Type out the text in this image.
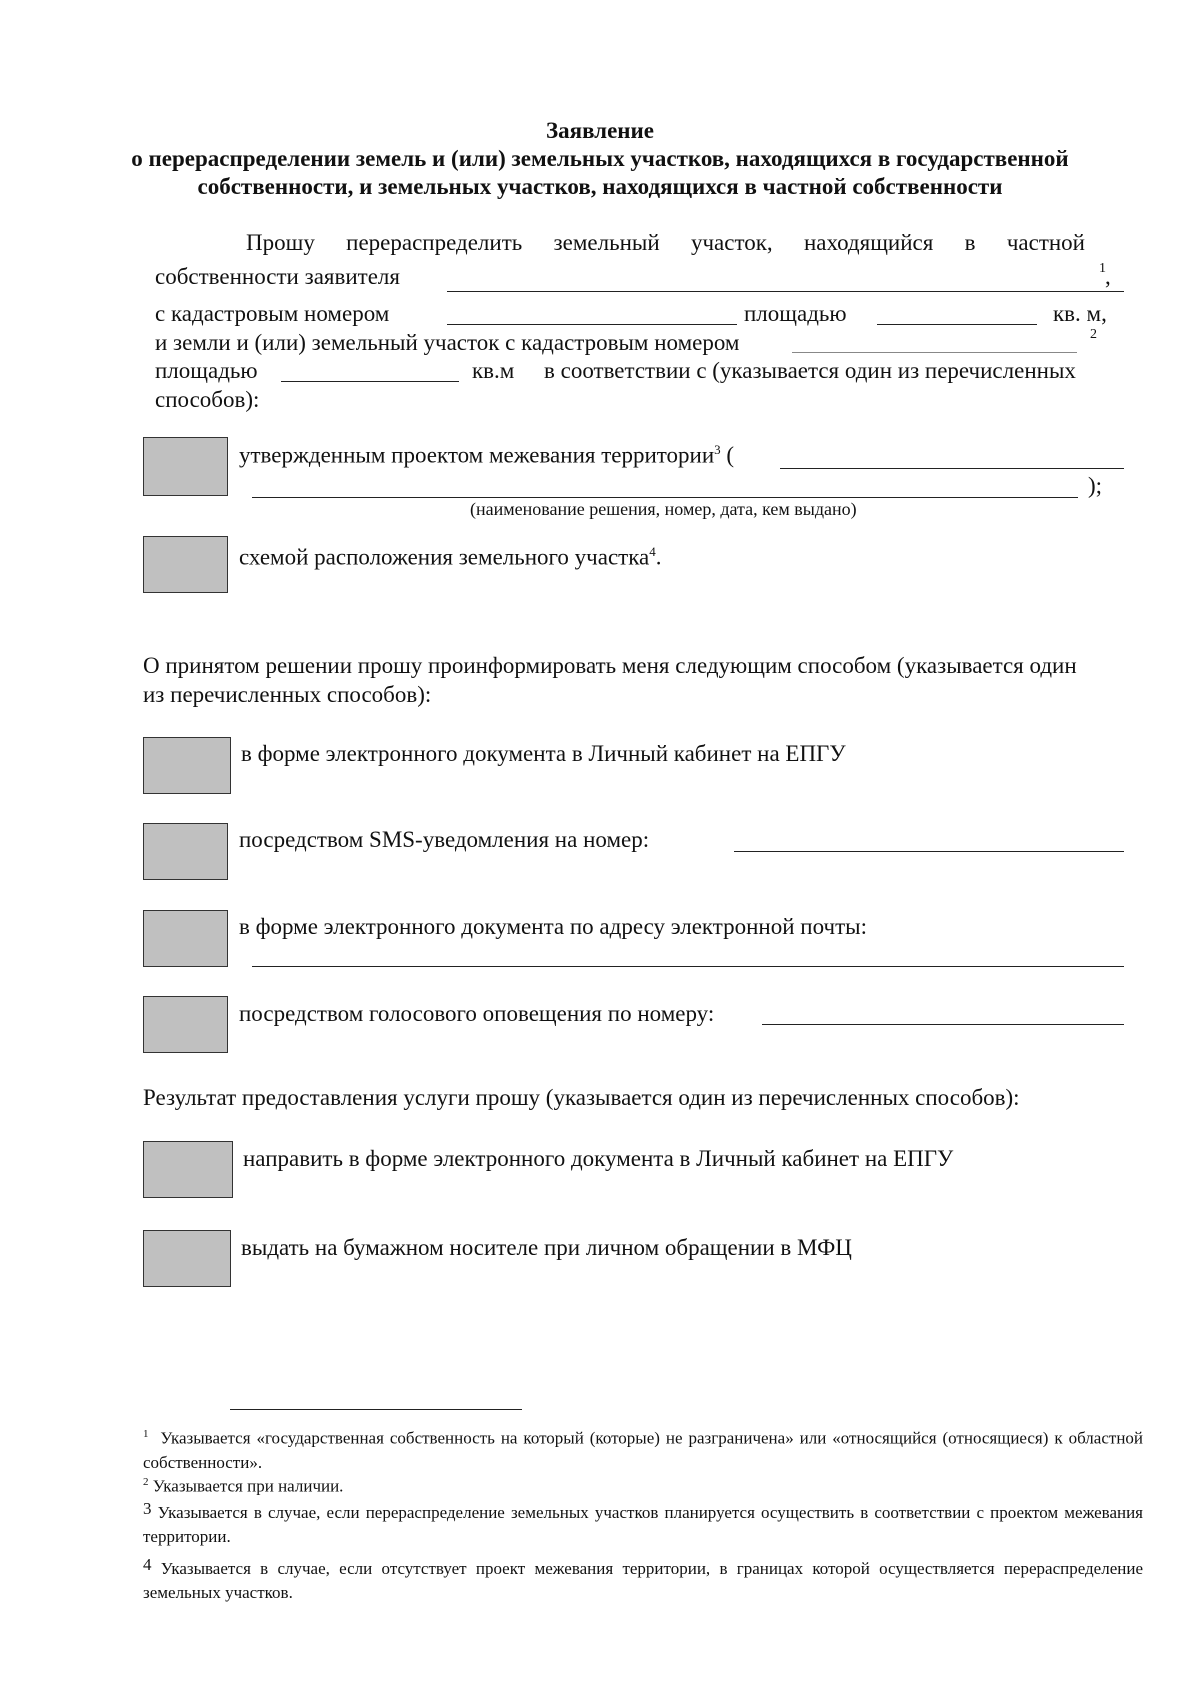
Заявление
о перераспределении земель и (или) земельных участков, находящихся в государственной
собственности, и земельных участков, находящихся в частной собственности
Прошу перераспределить земельный участок, находящийся в частной
собственности заявителя	1 ,
с кадастровым номером	площадью	кв. м,
и земли и (или) земельный участок с кадастровым номером	2
площадью	кв.м в соответствии с (указывается один из перечисленных
способов):
утвержденным проектом межевания территории$^3$ (
);
(наименование решения, номер, дата, кем выдано)
схемой расположения земельного участка$^4$.
О принятом решении прошу проинформировать меня следующим способом (указывается один
из перечисленных способов):
в форме электронного документа в Личный кабинет на ЕПГУ
посредством SMS-уведомления на номер:
в форме электронного документа по адресу электронной почты:
посредством голосового оповещения по номеру:
Результат предоставления услуги прошу (указывается один из перечисленных способов):
направить в форме электронного документа в Личный кабинет на ЕПГУ
выдать на бумажном носителе при личном обращении в МФЦ
$^1$ Указывается «государственная собственность на который (которые) не разграничена» или «относящийся (относящиеся) к областной собственности».
$^2$ Указывается при наличии.
3 Указывается в случае, если перераспределение земельных участков планируется осуществить в соответствии с проектом межевания территории.
4 Указывается в случае, если отсутствует проект межевания территории, в границах которой осуществляется перераспределение земельных участков.
